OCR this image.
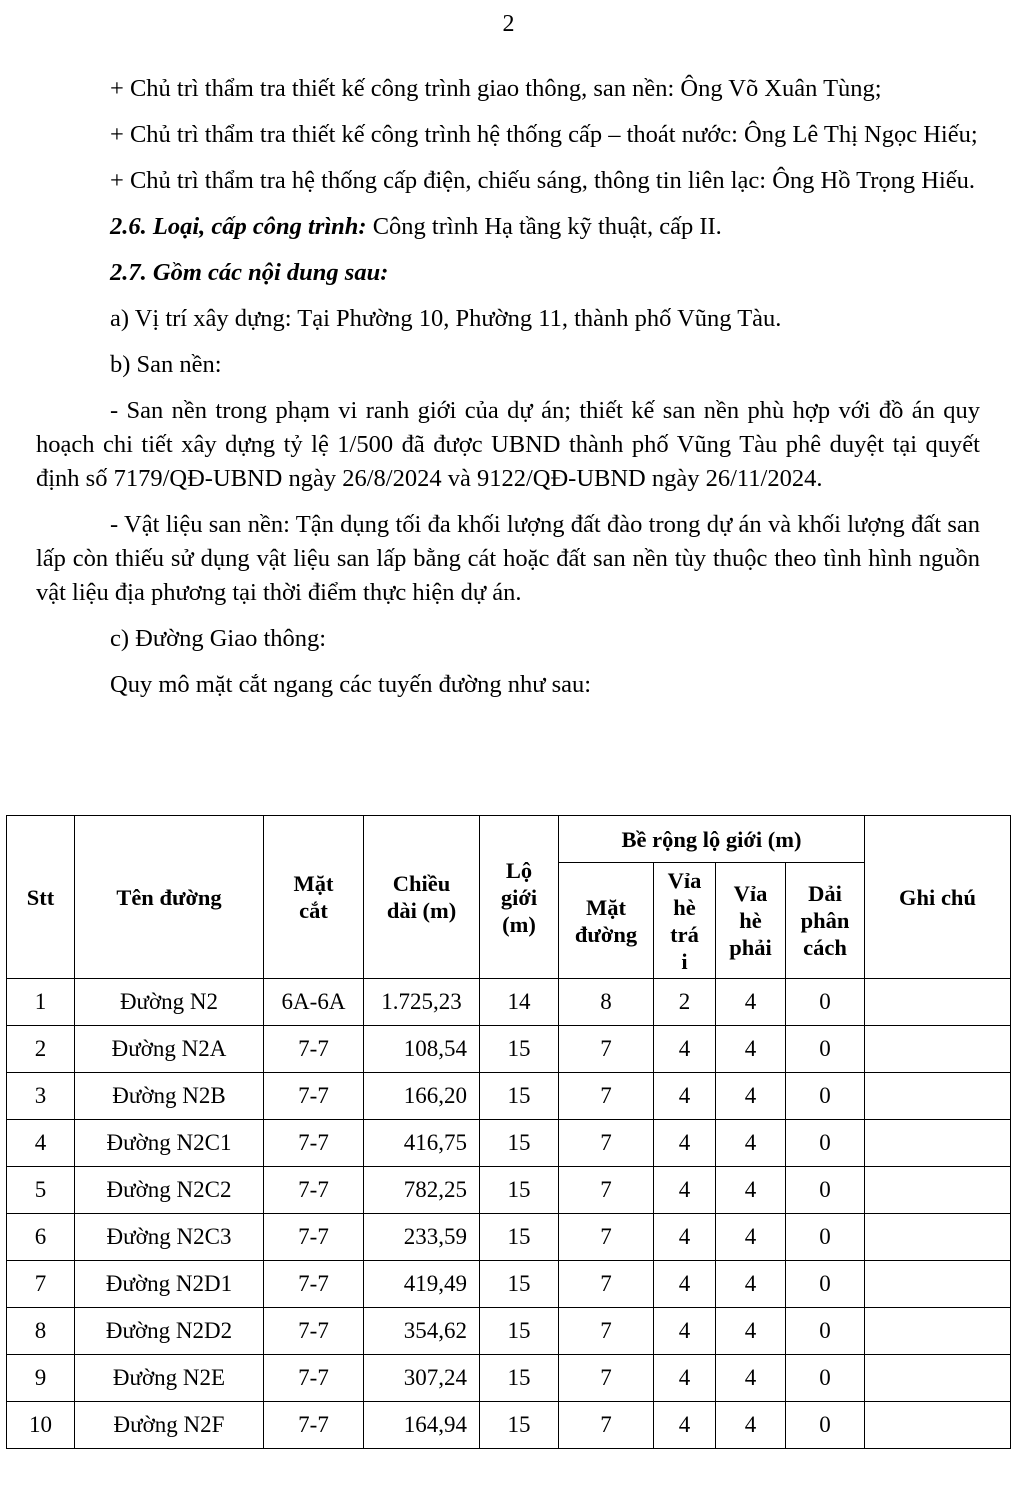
2

+ Chủ trì thẩm tra thiết kế công trình giao thông, san nền: Ông Võ Xuân Tùng;

+ Chủ trì thẩm tra thiết kế công trình hệ thống cấp – thoát nước: Ông Lê Thị Ngọc Hiếu;

+ Chủ trì thẩm tra hệ thống cấp điện, chiếu sáng, thông tin liên lạc: Ông Hồ Trọng Hiếu.

2.6. Loại, cấp công trình: Công trình Hạ tầng kỹ thuật, cấp II.

2.7. Gồm các nội dung sau:

a) Vị trí xây dựng: Tại Phường 10, Phường 11, thành phố Vũng Tàu.

b) San nền:

- San nền trong phạm vi ranh giới của dự án; thiết kế san nền phù hợp với đồ án quy hoạch chi tiết xây dựng tỷ lệ 1/500 đã được UBND thành phố Vũng Tàu phê duyệt tại quyết định số 7179/QĐ-UBND ngày 26/8/2024 và 9122/QĐ-UBND ngày 26/11/2024.

- Vật liệu san nền: Tận dụng tối đa khối lượng đất đào trong dự án và khối lượng đất san lấp còn thiếu sử dụng vật liệu san lấp bằng cát hoặc đất san nền tùy thuộc theo tình hình nguồn vật liệu địa phương tại thời điểm thực hiện dự án.

c) Đường Giao thông:

Quy mô mặt cắt ngang các tuyến đường như sau:

Stt	Tên đường	Mặt cắt	Chiều dài (m)	Lộ giới (m)	Bề rộng lộ giới (m)				Ghi chú

					Mặt đường	Vỉa hè trá i	Vỉa hè phải	Dải phân cách	

1	Đường N2	6A-6A	1.725,23	14	8	2	4	0	
2	Đường N2A	7-7	108,54	15	7	4	4	0	
3	Đường N2B	7-7	166,20	15	7	4	4	0	
4	Đường N2C1	7-7	416,75	15	7	4	4	0	
5	Đường N2C2	7-7	782,25	15	7	4	4	0	
6	Đường N2C3	7-7	233,59	15	7	4	4	0	
7	Đường N2D1	7-7	419,49	15	7	4	4	0	
8	Đường N2D2	7-7	354,62	15	7	4	4	0	
9	Đường N2E	7-7	307,24	15	7	4	4	0	
10	Đường N2F	7-7	164,94	15	7	4	4	0	
